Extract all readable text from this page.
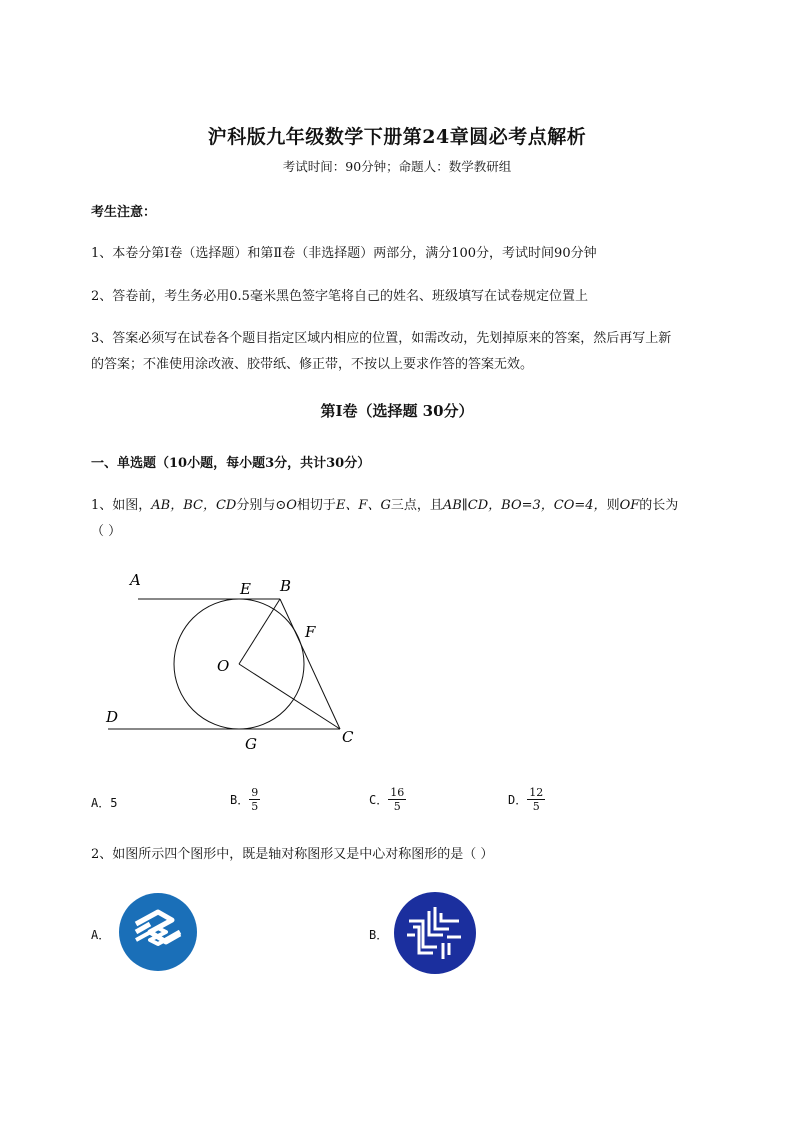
沪科版九年级数学下册第24章圆必考点解析
考试时间：90分钟；命题人：数学教研组
考生注意：
1、本卷分第I卷（选择题）和第Ⅱ卷（非选择题）两部分，满分100分，考试时间90分钟
2、答卷前，考生务必用0.5毫米黑色签字笔将自己的姓名、班级填写在试卷规定位置上
3、答案必须写在试卷各个题目指定区域内相应的位置，如需改动，先划掉原来的答案，然后再写上新
的答案；不准使用涂改液、胶带纸、修正带，不按以上要求作答的答案无效。
第I卷（选择题 30分）
一、单选题（10小题，每小题3分，共计30分）
1、如图，AB，BC，CD分别与⊙O相切于E、F、G三点，且AB∥CD，BO=3，CO=4，则OF的长为
（ ）
A	E B
F
O
D
G	C
A．5	B． $\frac{9}{5}$	C． $\frac{16}{5}$	D． $\frac{12}{5}$
2、如图所示四个图形中，既是轴对称图形又是中心对称图形的是（ ）
A．	B．
